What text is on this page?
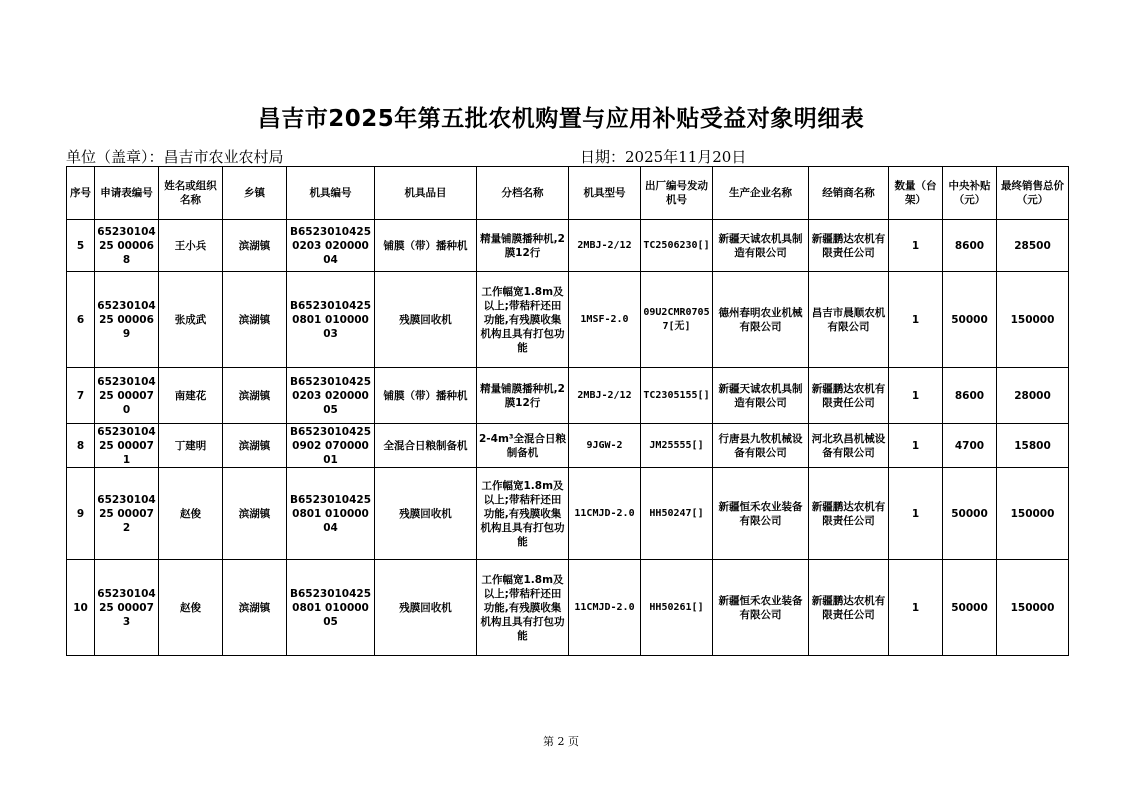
昌吉市2025年第五批农机购置与应用补贴受益对象明细表
单位（盖章）：昌吉市农业农村局	日期：2025年11月20日
序号	申请表编号	姓名或组织名称	乡镇	机具编号	机具品目	分档名称	机具型号	出厂编号发动机号	生产企业名称	经销商名称	数量（台架）	中央补贴（元）	最终销售总价（元）
5	6523010425 000068	王小兵	滨湖镇	B65230104250203 02000004	铺膜（带）播种机	精量铺膜播种机,2膜12行	2MBJ-2/12	TC2506230[]	新疆天诚农机具制造有限公司	新疆鹏达农机有限责任公司	1	8600	28500
6	6523010425 000069	张成武	滨湖镇	B65230104250801 01000003	残膜回收机	工作幅宽1.8m及以上;带秸秆还田功能,有残膜收集机构且具有打包功能	1MSF-2.0	09U2CMR0705 7[无]	德州春明农业机械有限公司	昌吉市晨顺农机有限公司	1	50000	150000
7	6523010425 000070	南建花	滨湖镇	B65230104250203 02000005	铺膜（带）播种机	精量铺膜播种机,2膜12行	2MBJ-2/12	TC2305155[]	新疆天诚农机具制造有限公司	新疆鹏达农机有限责任公司	1	8600	28000
8	6523010425 000071	丁建明	滨湖镇	B65230104250902 07000001	全混合日粮制备机	2-4m³全混合日粮制备机	9JGW-2	JM25555[]	行唐县九牧机械设备有限公司	河北玖昌机械设备有限公司	1	4700	15800
9	6523010425 000072	赵俊	滨湖镇	B65230104250801 01000004	残膜回收机	工作幅宽1.8m及以上;带秸秆还田功能,有残膜收集机构且具有打包功能	11CMJD-2.0	HH50247[]	新疆恒禾农业装备有限公司	新疆鹏达农机有限责任公司	1	50000	150000
10	6523010425 000073	赵俊	滨湖镇	B65230104250801 01000005	残膜回收机	工作幅宽1.8m及以上;带秸秆还田功能,有残膜收集机构且具有打包功能	11CMJD-2.0	HH50261[]	新疆恒禾农业装备有限公司	新疆鹏达农机有限责任公司	1	50000	150000
第 2 页
